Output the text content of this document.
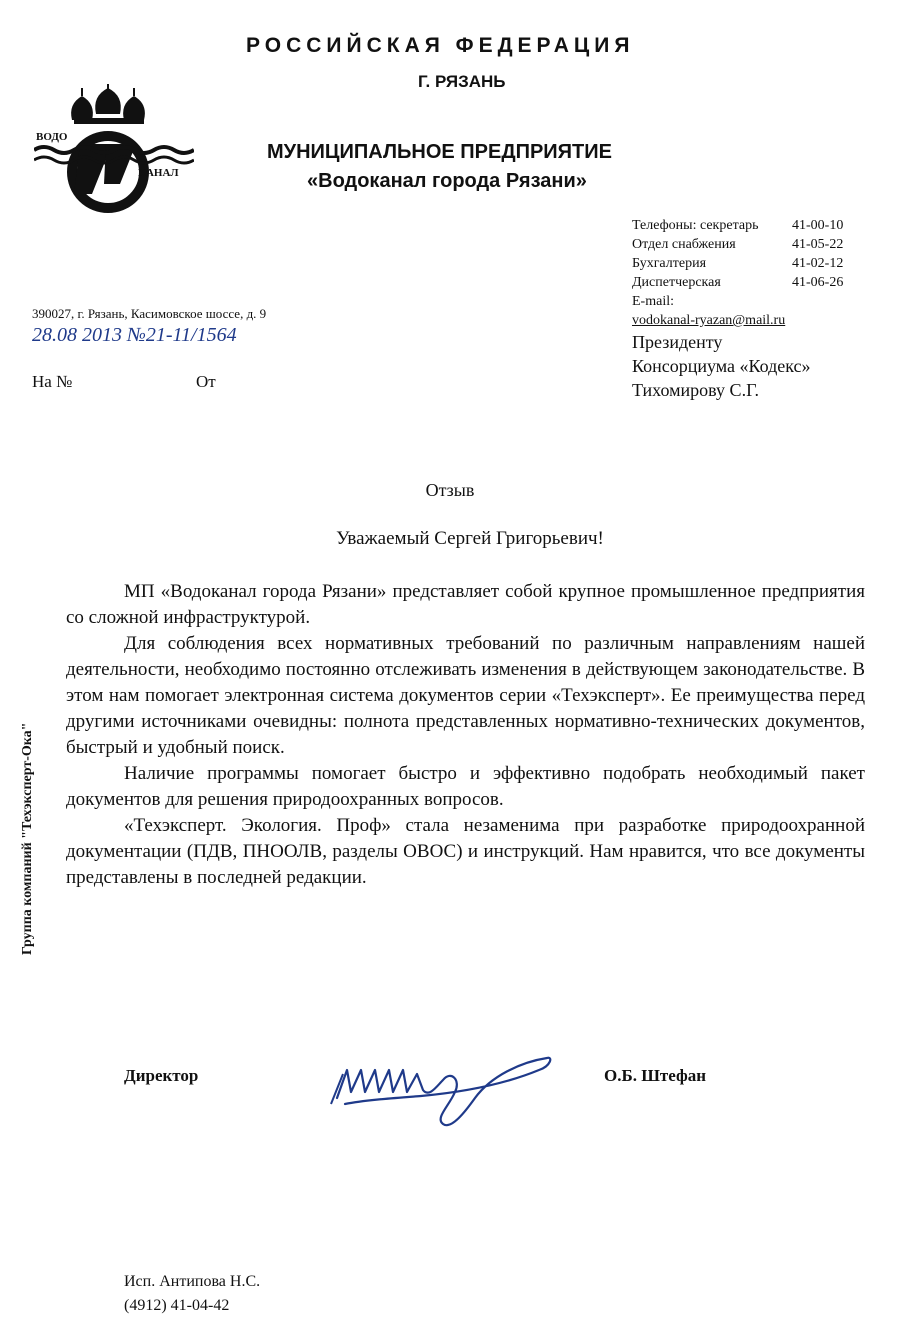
РОССИЙСКАЯ ФЕДЕРАЦИЯ
Г. РЯЗАНЬ
ВОДО
КАНАЛ
МУНИЦИПАЛЬНОЕ ПРЕДПРИЯТИЕ
«Водоканал города Рязани»
Телефоны: секретарь	41-00-10
Отдел снабжения	41-05-22
Бухгалтерия	41-02-12
Диспетчерская	41-06-26
E-mail:
vodokanal-ryazan@mail.ru
390027, г. Рязань, Касимовское шоссе, д. 9
28.08 2013 №21-11/1564	Президенту
Консорциума «Кодекс»
Тихомирову С.Г.
На №	От
Отзыв
Уважаемый Сергей Григорьевич!

МП «Водоканал города Рязани» представляет собой крупное промышленное предприятия со сложной инфраструктурой.

Для соблюдения всех нормативных требований по различным направлениям нашей деятельности, необходимо постоянно отслеживать изменения в действующем законодательстве. В этом нам помогает электронная система документов серии «Техэксперт». Ее преимущества перед другими источниками очевидны: полнота представленных нормативно-технических документов, быстрый и удобный поиск.

Наличие программы помогает быстро и эффективно подобрать необходимый пакет документов для решения природоохранных вопросов.

«Техэксперт. Экология. Проф» стала незаменима при разработке природоохранной документации (ПДВ, ПНООЛВ, разделы ОВОС) и инструкций. Нам нравится, что все документы представлены в последней редакции.

Группа компаний "Техэксперт-Ока"
Директор	О.Б. Штефан
Исп. Антипова Н.С.
(4912) 41-04-42
